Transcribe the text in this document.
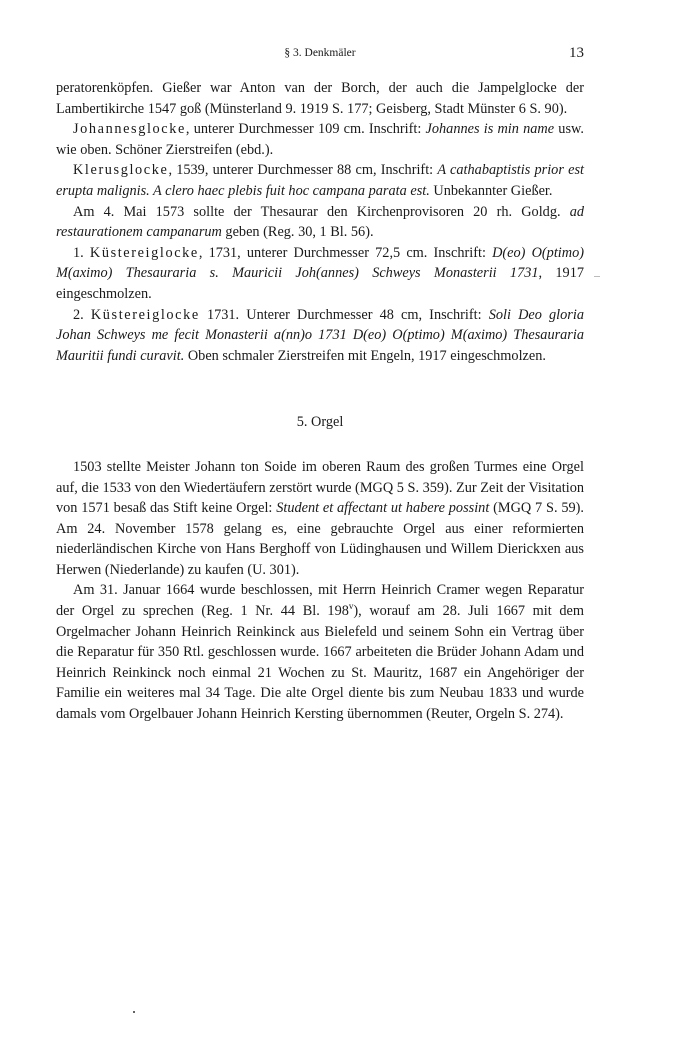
§ 3. Denkmäler	13

peratorenköpfen. Gießer war Anton van der Borch, der auch die Jampelglocke der Lambertikirche 1547 goß (Münsterland 9. 1919 S. 177; Geisberg, Stadt Münster 6 S. 90).

Johannesglocke, unterer Durchmesser 109 cm. Inschrift: Johannes is min name usw. wie oben. Schöner Zierstreifen (ebd.).

Klerusglocke, 1539, unterer Durchmesser 88 cm, Inschrift: A cathabaptistis prior est erupta malignis. A clero haec plebis fuit hoc campana parata est. Unbekannter Gießer.

Am 4. Mai 1573 sollte der Thesaurar den Kirchenprovisoren 20 rh. Goldg. ad restaurationem campanarum geben (Reg. 30, 1 Bl. 56).

1. Küstereiglocke, 1731, unterer Durchmesser 72,5 cm. Inschrift: D(eo) O(ptimo) M(aximo) Thesauraria s. Mauricii Joh(annes) Schweys Monasterii 1731, 1917 eingeschmolzen.

2. Küstereiglocke 1731. Unterer Durchmesser 48 cm, Inschrift: Soli Deo gloria Johan Schweys me fecit Monasterii a(nn)o 1731 D(eo) O(ptimo) M(aximo) Thesauraria Mauritii fundi curavit. Oben schmaler Zierstreifen mit Engeln, 1917 eingeschmolzen.

5. Orgel

1503 stellte Meister Johann ton Soide im oberen Raum des großen Turmes eine Orgel auf, die 1533 von den Wiedertäufern zerstört wurde (MGQ 5 S. 359). Zur Zeit der Visitation von 1571 besaß das Stift keine Orgel: Student et affectant ut habere possint (MGQ 7 S. 59). Am 24. November 1578 gelang es, eine gebrauchte Orgel aus einer reformierten niederländischen Kirche von Hans Berghoff von Lüdinghausen und Willem Dierickxen aus Herwen (Niederlande) zu kaufen (U. 301).

Am 31. Januar 1664 wurde beschlossen, mit Herrn Heinrich Cramer wegen Reparatur der Orgel zu sprechen (Reg. 1 Nr. 44 Bl. 198$^v$), worauf am 28. Juli 1667 mit dem Orgelmacher Johann Heinrich Reinkinck aus Bielefeld und seinem Sohn ein Vertrag über die Reparatur für 350 Rtl. geschlossen wurde. 1667 arbeiteten die Brüder Johann Adam und Heinrich Reinkinck noch einmal 21 Wochen zu St. Mauritz, 1687 ein Angehöriger der Familie ein weiteres mal 34 Tage. Die alte Orgel diente bis zum Neubau 1833 und wurde damals vom Orgelbauer Johann Heinrich Kersting übernommen (Reuter, Orgeln S. 274).
